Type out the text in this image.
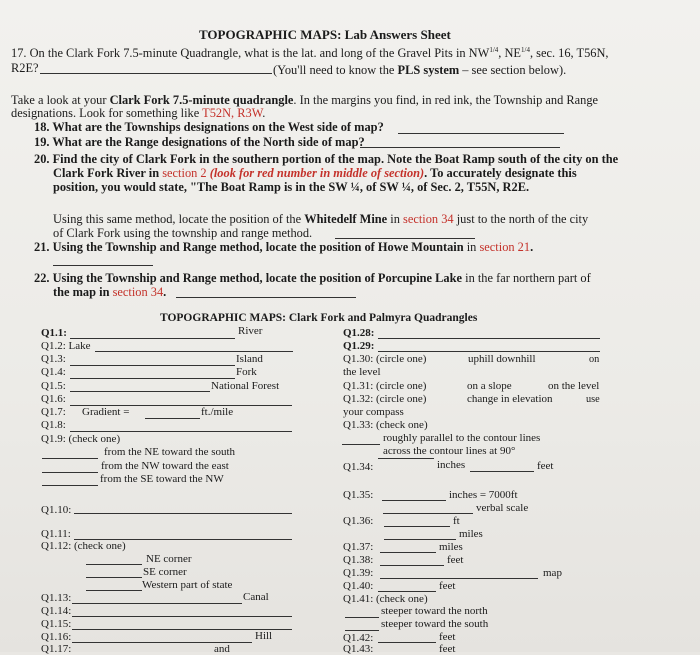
TOPOGRAPHIC MAPS: Lab Answers Sheet
17. On the Clark Fork 7.5-minute Quadrangle, what is the lat. and long of the Gravel Pits in $NW^{1/4}$, $NE^{1/4}$, sec. 16, T56N,
R2E?	(You'll need to know the PLS system – see section below).
Take a look at your Clark Fork 7.5-minute quadrangle. In the margins you find, in red ink, the Township and Range
designations. Look for something like T52N, R3W.
18. What are the Townships designations on the West side of map?
19. What are the Range designations of the North side of map?
20. Find the city of Clark Fork in the southern portion of the map. Note the Boat Ramp south of the city on the
Clark Fork River in section 2 (look for red number in middle of section). To accurately designate this
position, you would state, "The Boat Ramp is in the SW ¼, of SW ¼, of Sec. 2, T55N, R2E.
Using this same method, locate the position of the Whitedelf Mine in section 34 just to the north of the city
of Clark Fork using the township and range method.
21. Using the Township and Range method, locate the position of Howe Mountain in section 21.
22. Using the Township and Range method, locate the position of Porcupine Lake in the far northern part of
the map in section 34.
TOPOGRAPHIC MAPS: Clark Fork and Palmyra Quadrangles
Q1.1:	River
Q1.2: Lake
Q1.3:	Island
Q1.4:	Fork
Q1.5:	National Forest
Q1.6:
Q1.7: Gradient =	ft./mile
Q1.8:
Q1.9: (check one)
from the NE toward the south
from the NW toward the east
from the SE toward the NW
Q1.10:
Q1.11:
Q1.12: (check one)
NE corner
SE corner
Western part of state
Q1.13:	Canal
Q1.14:
Q1.15:
Q1.16:	Hill
Q1.17:	and
Q1.28:
Q1.29:
Q1.30: (circle one)	uphill downhill	on
the level
Q1.31: (circle one)	on a slope	on the level
Q1.32: (circle one)	change in elevation	use
your compass
Q1.33: (check one)
roughly parallel to the contour lines
across the contour lines at 90°
Q1.34:	inches	feet
Q1.35:	inches = 7000ft
verbal scale
Q1.36:	ft
miles
Q1.37:	miles
Q1.38:	feet
Q1.39:	map
Q1.40:	feet
Q1.41: (check one)
steeper toward the north
steeper toward the south
Q1.42:	feet
Q1.43:	feet
